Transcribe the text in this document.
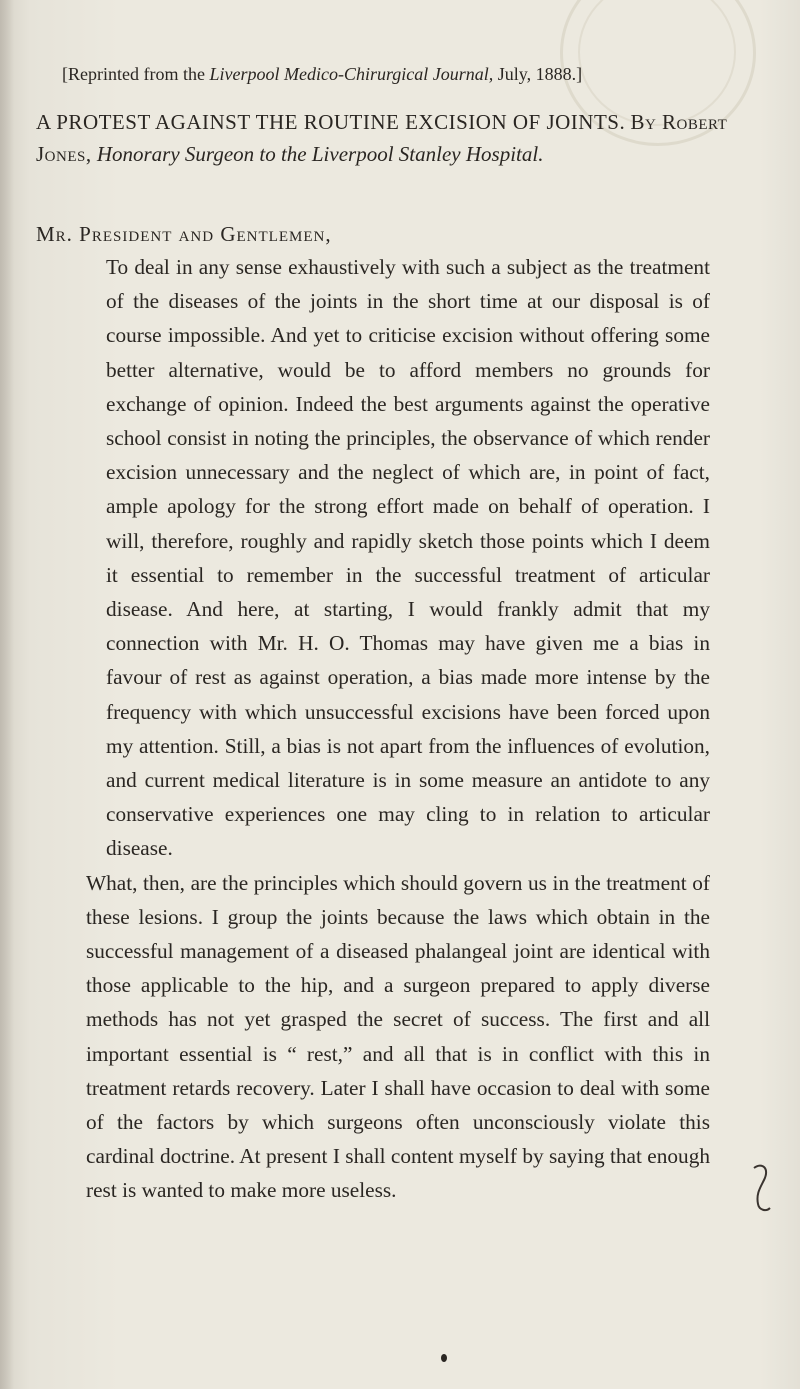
[Reprinted from the Liverpool Medico-Chirurgical Journal, July, 1888.]
A PROTEST AGAINST THE ROUTINE EXCISION OF JOINTS. By Robert Jones, Honorary Surgeon to the Liverpool Stanley Hospital.
Mr. President and Gentlemen,

To deal in any sense exhaustively with such a subject as the treatment of the diseases of the joints in the short time at our disposal is of course impossible. And yet to criticise excision without offering some better alternative, would be to afford members no grounds for exchange of opinion. Indeed the best arguments against the operative school consist in noting the principles, the observance of which render excision unnecessary and the neglect of which are, in point of fact, ample apology for the strong effort made on behalf of operation. I will, therefore, roughly and rapidly sketch those points which I deem it essential to remember in the successful treatment of articular disease. And here, at starting, I would frankly admit that my connection with Mr. H. O. Thomas may have given me a bias in favour of rest as against operation, a bias made more intense by the frequency with which unsuccessful excisions have been forced upon my attention. Still, a bias is not apart from the influences of evolution, and current medical literature is in some measure an antidote to any conservative experiences one may cling to in relation to articular disease.

What, then, are the principles which should govern us in the treatment of these lesions. I group the joints because the laws which obtain in the successful management of a diseased phalangeal joint are identical with those applicable to the hip, and a surgeon prepared to apply diverse methods has not yet grasped the secret of success. The first and all important essential is “ rest,” and all that is in conflict with this in treatment retards recovery. Later I shall have occasion to deal with some of the factors by which surgeons often unconsciously violate this cardinal doctrine. At present I shall content myself by saying that enough rest is wanted to make more useless.
